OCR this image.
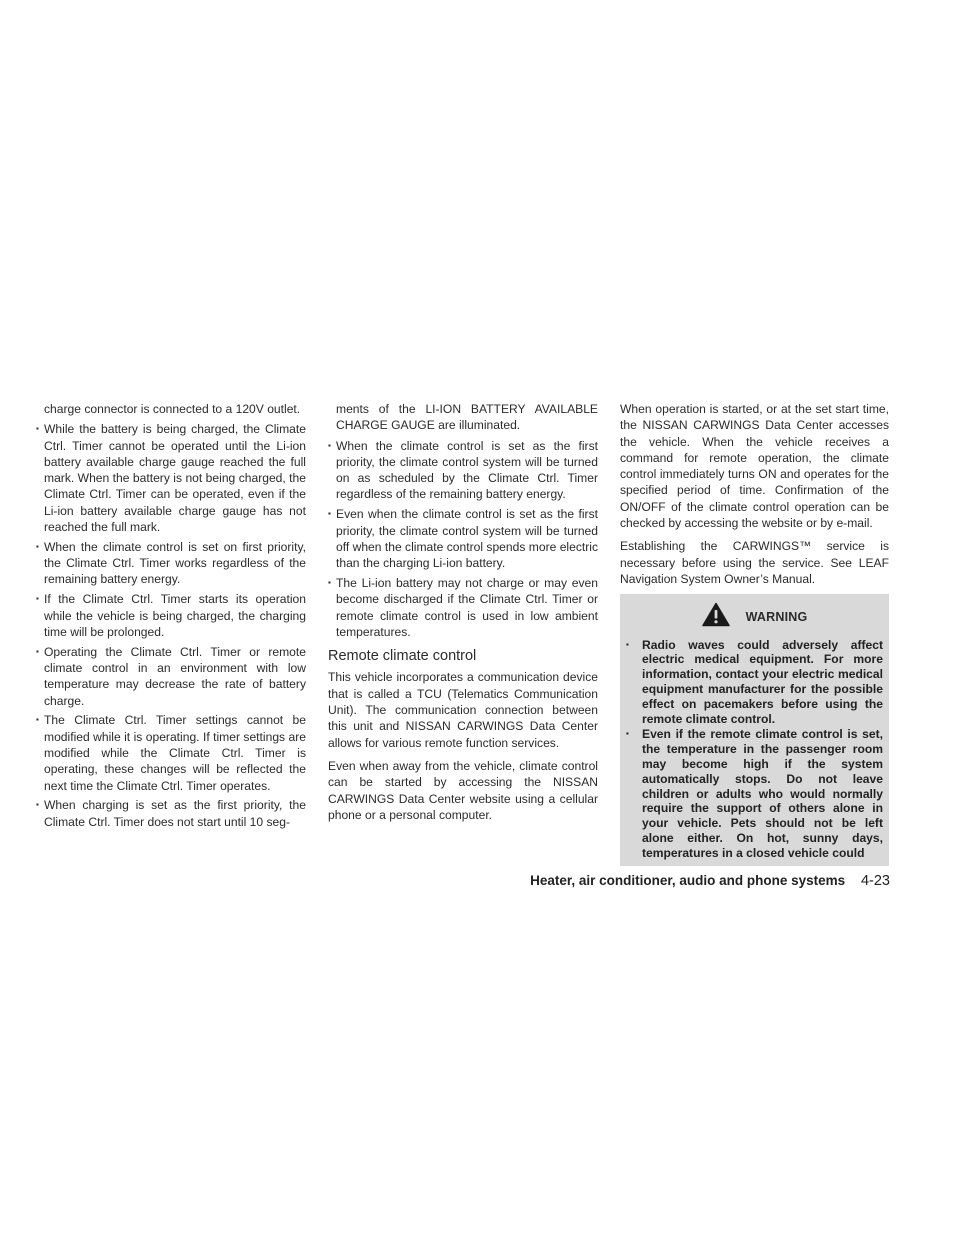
charge connector is connected to a 120V outlet.

▪ While the battery is being charged, the Climate Ctrl. Timer cannot be operated until the Li-ion battery available charge gauge reached the full mark. When the battery is not being charged, the Climate Ctrl. Timer can be operated, even if the Li-ion battery available charge gauge has not reached the full mark.
▪ When the climate control is set on first priority, the Climate Ctrl. Timer works regardless of the remaining battery energy.
▪ If the Climate Ctrl. Timer starts its operation while the vehicle is being charged, the charging time will be prolonged.
▪ Operating the Climate Ctrl. Timer or remote climate control in an environment with low temperature may decrease the rate of battery charge.
▪ The Climate Ctrl. Timer settings cannot be modified while it is operating. If timer settings are modified while the Climate Ctrl. Timer is operating, these changes will be reflected the next time the Climate Ctrl. Timer operates.
▪ When charging is set as the first priority, the Climate Ctrl. Timer does not start until 10 seg-

ments of the LI-ION BATTERY AVAILABLE CHARGE GAUGE are illuminated.

▪ When the climate control is set as the first priority, the climate control system will be turned on as scheduled by the Climate Ctrl. Timer regardless of the remaining battery energy.
▪ Even when the climate control is set as the first priority, the climate control system will be turned off when the climate control spends more electric than the charging Li-ion battery.
▪ The Li-ion battery may not charge or may even become discharged if the Climate Ctrl. Timer or remote climate control is used in low ambient temperatures.
Remote climate control

This vehicle incorporates a communication device that is called a TCU (Telematics Communication Unit). The communication connection between this unit and NISSAN CARWINGS Data Center allows for various remote function services.

Even when away from the vehicle, climate control can be started by accessing the NISSAN CARWINGS Data Center website using a cellular phone or a personal computer.

When operation is started, or at the set start time, the NISSAN CARWINGS Data Center accesses the vehicle. When the vehicle receives a command for remote operation, the climate control immediately turns ON and operates for the specified period of time. Confirmation of the ON/OFF of the climate control operation can be checked by accessing the website or by e-mail.

Establishing the CARWINGS™ service is necessary before using the service. See LEAF Navigation System Owner’s Manual.

WARNING
▪ Radio waves could adversely affect electric medical equipment. For more information, contact your electric medical equipment manufacturer for the possible effect on pacemakers before using the remote climate control.
▪ Even if the remote climate control is set, the temperature in the passenger room may become high if the system automatically stops. Do not leave children or adults who would normally require the support of others alone in your vehicle. Pets should not be left alone either. On hot, sunny days, temperatures in a closed vehicle could
Heater, air conditioner, audio and phone systems 4-23
